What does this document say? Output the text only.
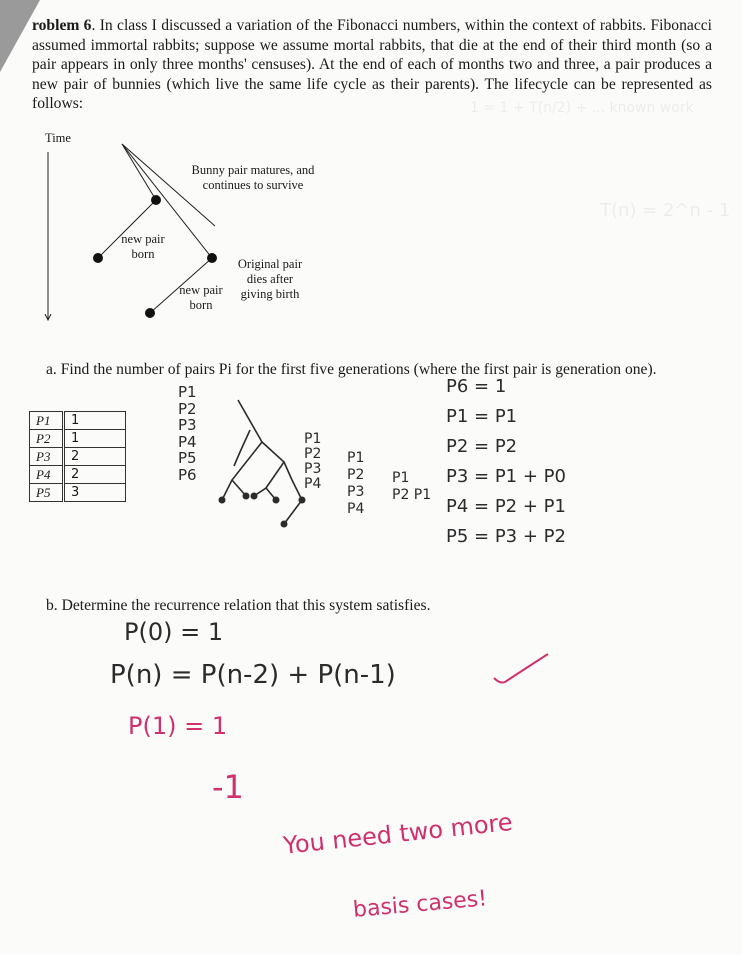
1 = 1 + T(n/2) + ... known work
T(n) = 2^n - 1
roblem 6. In class I discussed a variation of the Fibonacci numbers, within the context of rabbits. Fibonacci assumed immortal rabbits; suppose we assume mortal rabbits, that die at the end of their third month (so a pair appears in only three months' censuses). At the end of each of months two and three, a pair produces a new pair of bunnies (which live the same life cycle as their parents). The lifecycle can be represented as follows:
Time
Bunny pair matures, and continues to survive
new pair born
new pair born
Original pair dies after giving birth
a. Find the number of pairs Pi for the first five generations (where the first pair is generation one).
P1	1
P2	1
P3	2
P4	2
P5	3
P1
P2
P3
P4
P5
P6
P1
P2
P3
P4
P1
P2
P3
P4
P1
P2 P1
P6 = 1
P1 = P1
P2 = P2
P3 = P1 + P0
P4 = P2 + P1
P5 = P3 + P2
b. Determine the recurrence relation that this system satisfies.
P(0) = 1
P(n) = P(n-2) + P(n-1)
P(1) = 1
-1
You need two more
basis cases!
